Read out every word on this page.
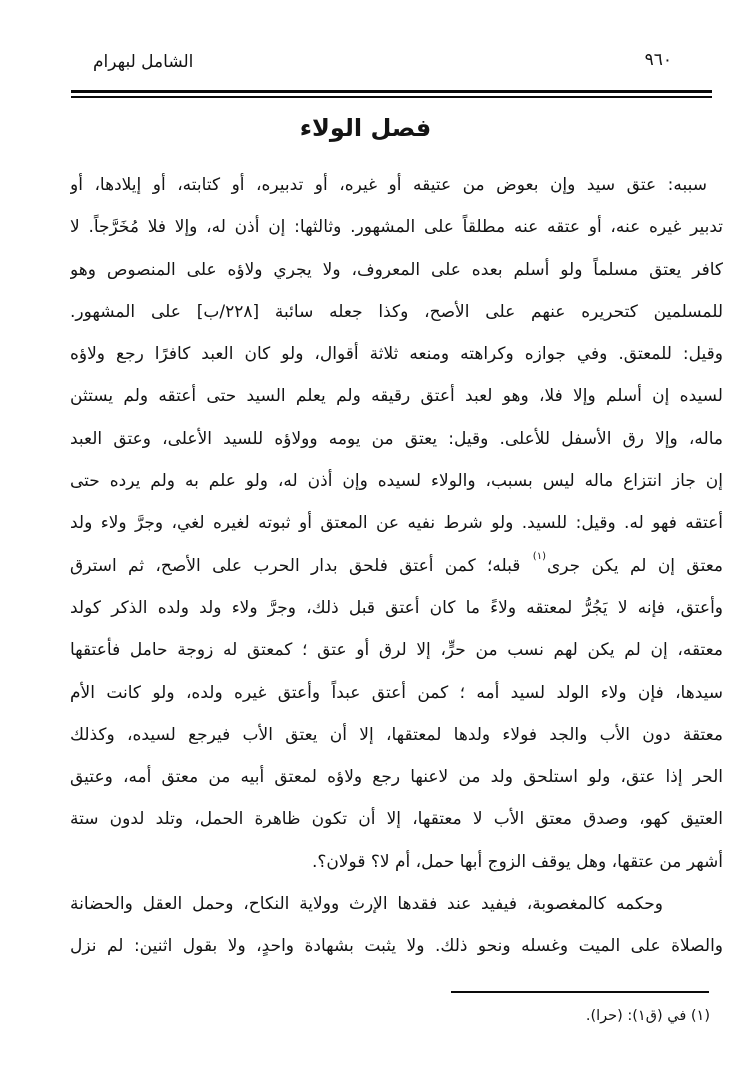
٩٦٠
الشامل لبهرام
فصل الولاء
سببه: عتق سيد وإن بعوض من عتيقه أو غيره، أو تدبيره، أو كتابته، أو إيلادها، أو
تدبير غيره عنه، أو عتقه عنه مطلقاً على المشهور. وثالثها: إن أذن له، وإلا فلا مُخَرَّجاً. لا
كافر يعتق مسلماً ولو أسلم بعده على المعروف، ولا يجري ولاؤه على المنصوص وهو
للمسلمين كتحريره عنهم على الأصح، وكذا جعله سائبة [٢٢٨/ب] على المشهور.
وقيل: للمعتق. وفي جوازه وكراهته ومنعه ثلاثة أقوال، ولو كان العبد كافرًا رجع ولاؤه
لسيده إن أسلم وإلا فلا، وهو لعبد أعتق رقيقه ولم يعلم السيد حتى أعتقه ولم يستثن
ماله، وإلا رق الأسفل للأعلى. وقيل: يعتق من يومه وولاؤه للسيد الأعلى، وعتق العبد
إن جاز انتزاع ماله ليس بسبب، والولاء لسيده وإن أذن له، ولو علم به ولم يرده حتى
أعتقه فهو له. وقيل: للسيد. ولو شرط نفيه عن المعتق أو ثبوته لغيره لغي، وجرَّ ولاء ولد
معتق إن لم يكن جرى$^{(١)}$ قبله؛ كمن أعتق فلحق بدار الحرب على الأصح، ثم استرق
وأعتق، فإنه لا يَجُرُّ لمعتقه ولاءً ما كان أعتق قبل ذلك، وجرَّ ولاء ولد ولده الذكر كولد
معتقه، إن لم يكن لهم نسب من حرٍّ، إلا لرق أو عتق ؛ كمعتق له زوجة حامل فأعتقها
سيدها، فإن ولاء الولد لسيد أمه ؛ كمن أعتق عبداً وأعتق غيره ولده، ولو كانت الأم
معتقة دون الأب والجد فولاء ولدها لمعتقها، إلا أن يعتق الأب فيرجع لسيده، وكذلك
الحر إذا عتق، ولو استلحق ولد من لاعنها رجع ولاؤه لمعتق أبيه من معتق أمه، وعتيق
العتيق كهو، وصدق معتق الأب لا معتقها، إلا أن تكون ظاهرة الحمل، وتلد لدون ستة
أشهر من عتقها، وهل يوقف الزوج أبها حمل، أم لا؟ قولان؟.
وحكمه كالمغصوبة، فيفيد عند فقدها الإرث وولاية النكاح، وحمل العقل والحضانة
والصلاة على الميت وغسله ونحو ذلك. ولا يثبت بشهادة واحدٍ، ولا بقول اثنين: لم نزل
(١) في (ق١): (حرا).
